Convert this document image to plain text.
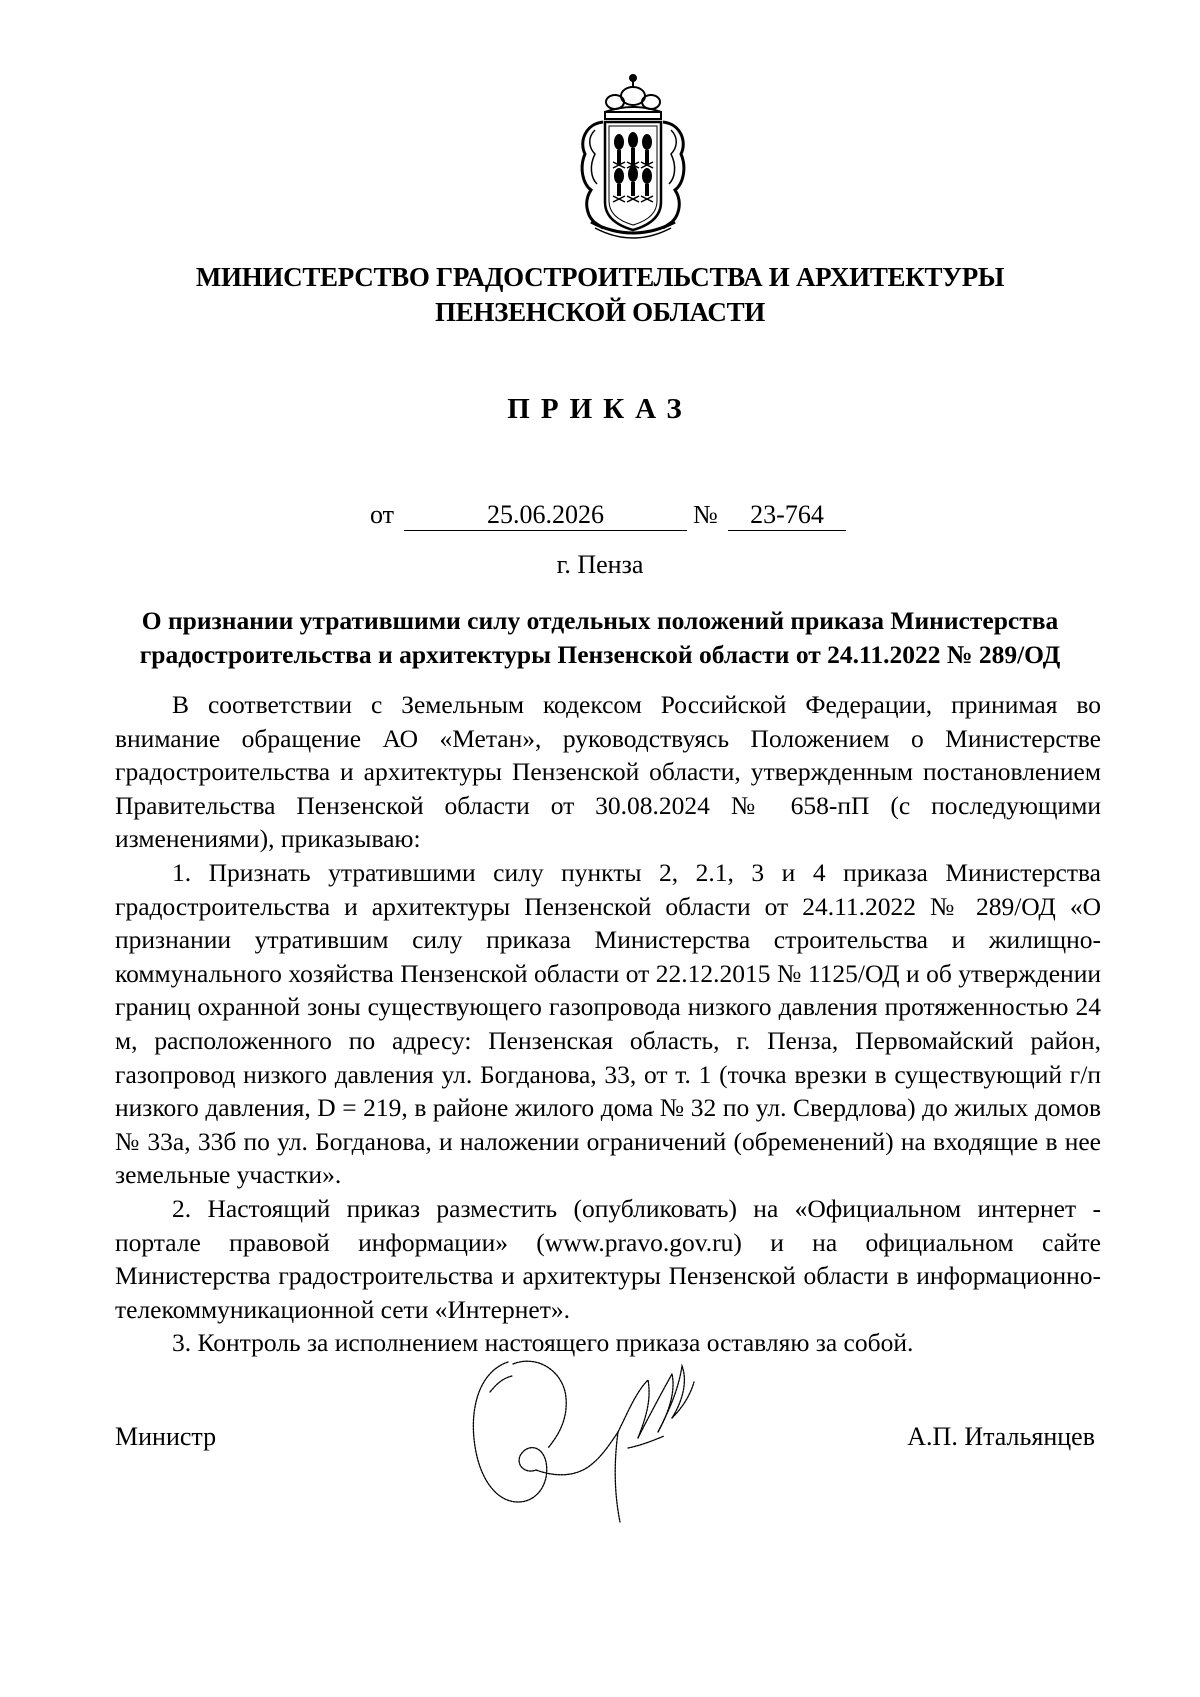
МИНИСТЕРСТВО ГРАДОСТРОИТЕЛЬСТВА И АРХИТЕКТУРЫ
ПЕНЗЕНСКОЙ ОБЛАСТИ
ПРИКАЗ
от	25.06.2026	№	23-764
г. Пенза
О признании утратившими силу отдельных положений приказа Министерства градостроительства и архитектуры Пензенской области от 24.11.2022 № 289/ОД

В соответствии с Земельным кодексом Российской Федерации, принимая во внимание обращение АО «Метан», руководствуясь Положением о Министерстве градостроительства и архитектуры Пензенской области, утвержденным постановлением Правительства Пензенской области от 30.08.2024 № 658-пП (с последующими изменениями), приказываю:

1. Признать утратившими силу пункты 2, 2.1, 3 и 4 приказа Министерства градостроительства и архитектуры Пензенской области от 24.11.2022 № 289/ОД «О признании утратившим силу приказа Министерства строительства и жилищно-коммунального хозяйства Пензенской области от 22.12.2015 № 1125/ОД и об утверждении границ охранной зоны существующего газопровода низкого давления протяженностью 24 м, расположенного по адресу: Пензенская область, г. Пенза, Первомайский район, газопровод низкого давления ул. Богданова, 33, от т. 1 (точка врезки в существующий г/п низкого давления, D = 219, в районе жилого дома № 32 по ул. Свердлова) до жилых домов № 33а, 33б по ул. Богданова, и наложении ограничений (обременений) на входящие в нее земельные участки».

2. Настоящий приказ разместить (опубликовать) на «Официальном интернет - портале правовой информации» (www.pravo.gov.ru) и на официальном сайте Министерства градостроительства и архитектуры Пензенской области в информационно-телекоммуникационной сети «Интернет».

3. Контроль за исполнением настоящего приказа оставляю за собой.

Министр	А.П. Итальянцев
